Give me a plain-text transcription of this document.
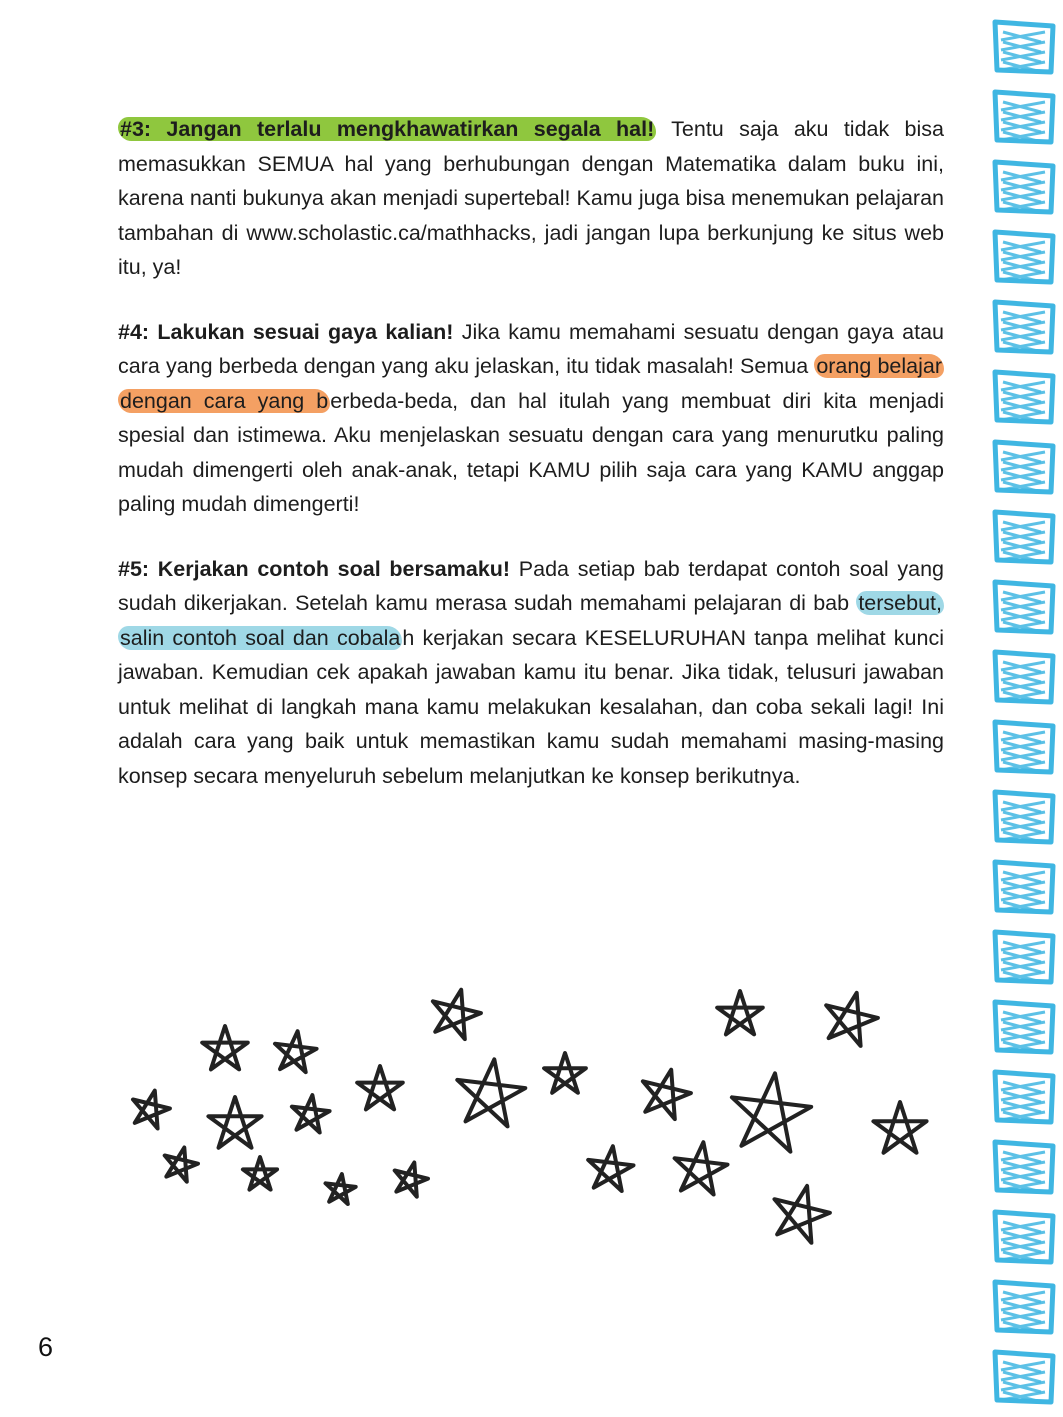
#3: Jangan terlalu mengkhawatirkan segala hal! Tentu saja aku tidak bisa memasukkan SEMUA hal yang berhubungan dengan Matematika dalam buku ini, karena nanti bukunya akan menjadi supertebal! Kamu juga bisa menemukan pelajaran tambahan di www.scholastic.ca/mathhacks, jadi jangan lupa berkunjung ke situs web itu, ya!

#4: Lakukan sesuai gaya kalian! Jika kamu memahami sesuatu dengan gaya atau cara yang berbeda dengan yang aku jelaskan, itu tidak masalah! Semua orang belajar dengan cara yang berbeda-beda, dan hal itulah yang membuat diri kita menjadi spesial dan istimewa. Aku menjelaskan sesuatu dengan cara yang menurutku paling mudah dimengerti oleh anak-anak, tetapi KAMU pilih saja cara yang KAMU anggap paling mudah dimengerti!

#5: Kerjakan contoh soal bersamaku! Pada setiap bab terdapat contoh soal yang sudah dikerjakan. Setelah kamu merasa sudah memahami pelajaran di bab tersebut, salin contoh soal dan cobalah kerjakan secara KESELURUHAN tanpa melihat kunci jawaban. Kemudian cek apakah jawaban kamu itu benar. Jika tidak, telusuri jawaban untuk melihat di langkah mana kamu melakukan kesalahan, dan coba sekali lagi! Ini adalah cara yang baik untuk memastikan kamu sudah memahami masing-masing konsep secara menyeluruh sebelum melanjutkan ke konsep berikutnya.

6
